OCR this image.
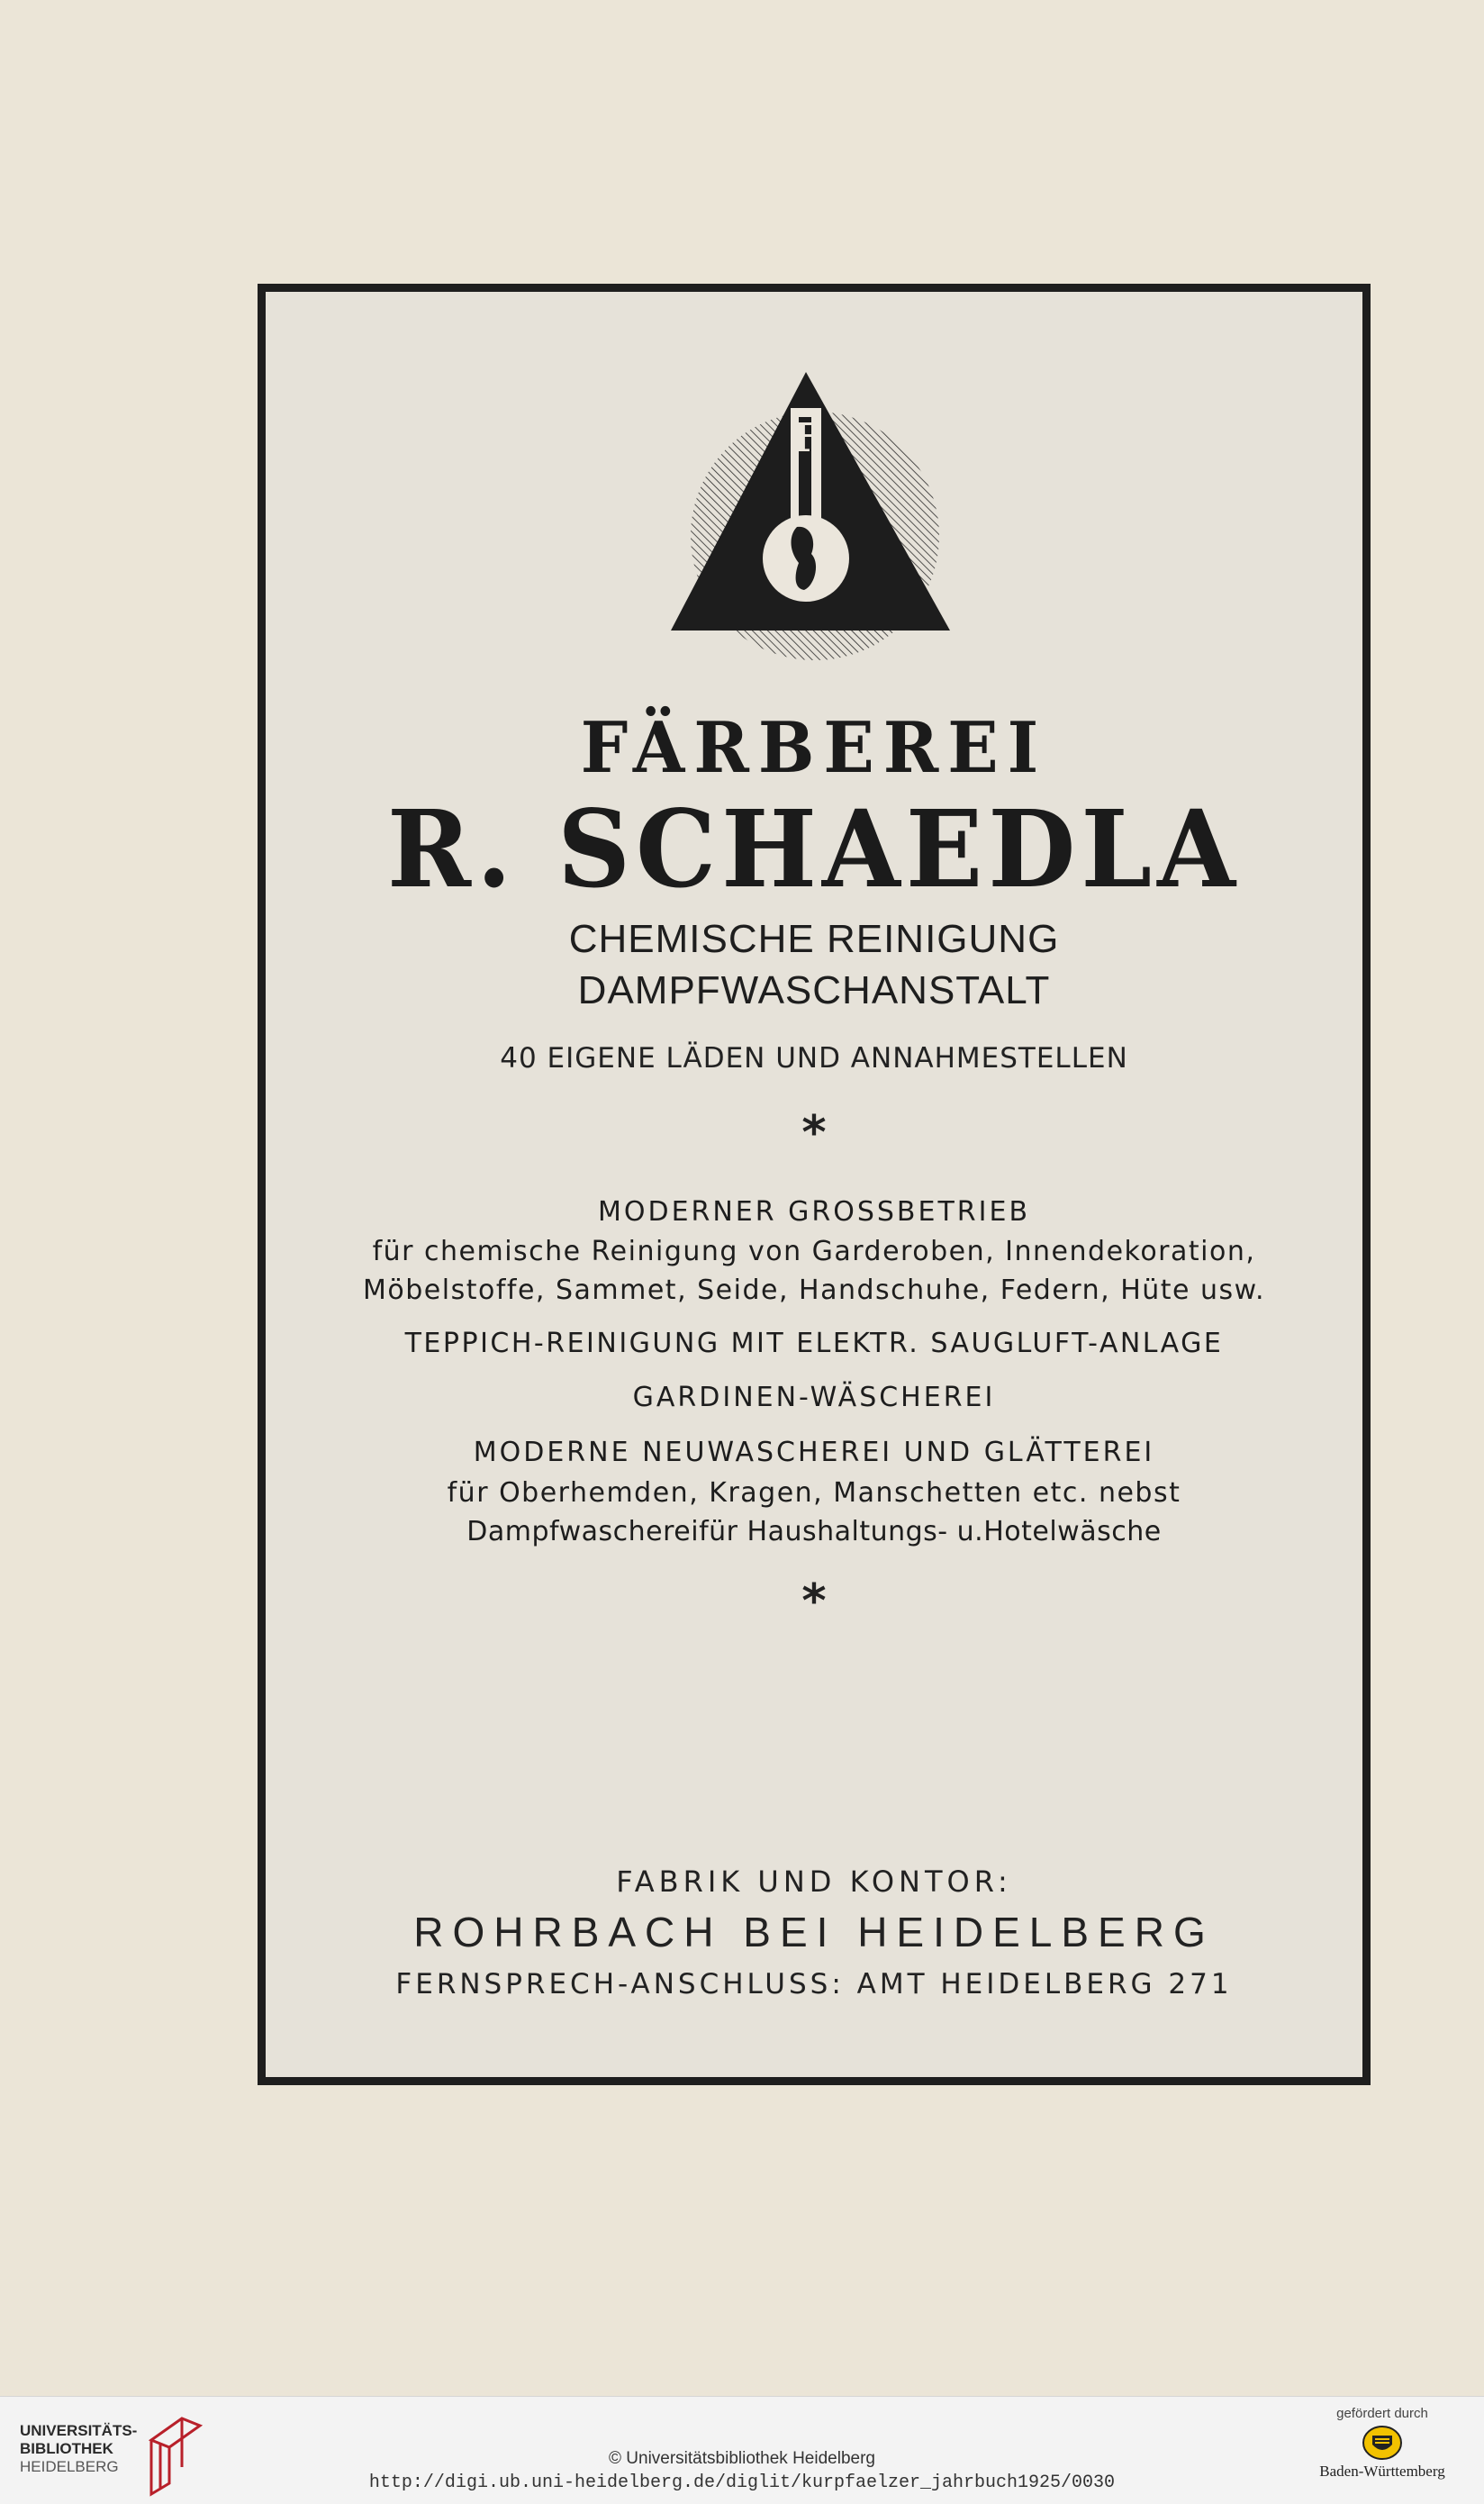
F
FÄRBEREI
R. SCHAEDLA
CHEMISCHE REINIGUNG
DAMPFWASCHANSTALT
40 EIGENE LÄDEN UND ANNAHMESTELLEN
*
MODERNER GROSSBETRIEB
für chemische Reinigung von Garderoben, Innendekoration,
Möbelstoffe, Sammet, Seide, Handschuhe, Federn, Hüte usw.
TEPPICH-REINIGUNG MIT ELEKTR. SAUGLUFT-ANLAGE
GARDINEN-WÄSCHEREI
MODERNE NEUWASCHEREI UND GLÄTTEREI
für Oberhemden, Kragen, Manschetten etc. nebst
Dampfwaschereifür Haushaltungs- u.Hotelwäsche
*
FABRIK UND KONTOR:
ROHRBACH BEI HEIDELBERG
FERNSPRECH-ANSCHLUSS: AMT HEIDELBERG 271
UNIVERSITÄTS-
BIBLIOTHEK
HEIDELBERG	© Universitätsbibliothek Heidelberg
http://digi.ub.uni-heidelberg.de/diglit/kurpfaelzer_jahrbuch1925/0030
gefördert durch
Baden-Württemberg
